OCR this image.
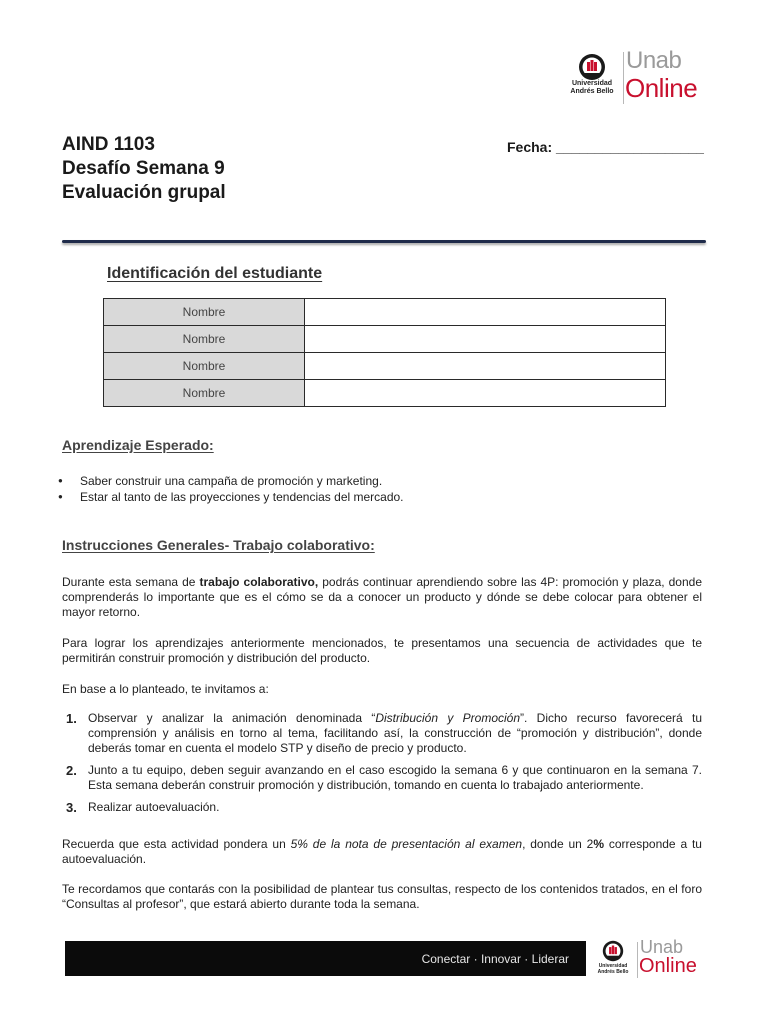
Universidad
Andrés Bello
Unab
Online
AIND 1103
Desafío Semana 9
Evaluación grupal
Fecha: ___________________
Identificación del estudiante
Nombre	
Nombre	
Nombre	
Nombre	
Aprendizaje Esperado:
● Saber construir una campaña de promoción y marketing.
● Estar al tanto de las proyecciones y tendencias del mercado.
Instrucciones Generales- Trabajo colaborativo:

Durante esta semana de trabajo colaborativo, podrás continuar aprendiendo sobre las 4P: promoción y plaza, donde comprenderás lo importante que es el cómo se da a conocer un producto y dónde se debe colocar para obtener el mayor retorno.

Para lograr los aprendizajes anteriormente mencionados, te presentamos una secuencia de actividades que te permitirán construir promoción y distribución del producto.

En base a lo planteado, te invitamos a:

1. Observar y analizar la animación denominada “Distribución y Promoción”. Dicho recurso favorecerá tu comprensión y análisis en torno al tema, facilitando así, la construcción de “promoción y distribución”, donde deberás tomar en cuenta el modelo STP y diseño de precio y producto.
2. Junto a tu equipo, deben seguir avanzando en el caso escogido la semana 6 y que continuaron en la semana 7. Esta semana deberán construir promoción y distribución, tomando en cuenta lo trabajado anteriormente.
3. Realizar autoevaluación.

Recuerda que esta actividad pondera un 5% de la nota de presentación al examen, donde un 2% corresponde a tu autoevaluación.

Te recordamos que contarás con la posibilidad de plantear tus consultas, respecto de los contenidos tratados, en el foro “Consultas al profesor”, que estará abierto durante toda la semana.

Conectar · Innovar · Liderar	Universidad
Andrés Bello
Unab
Online
